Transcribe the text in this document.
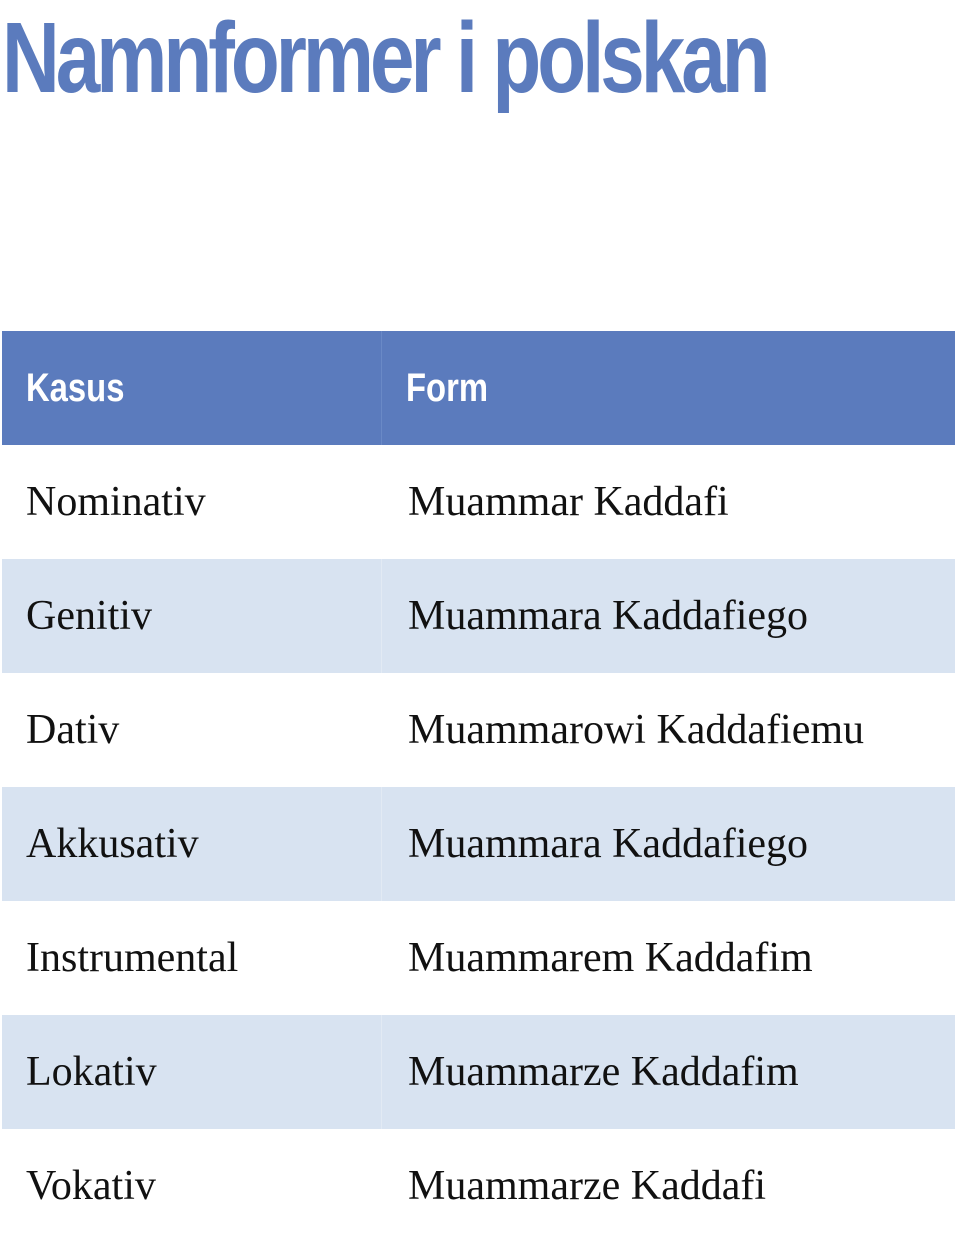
Namnformer i polskan
Kasus	Form
Nominativ	Muammar Kaddafi
Genitiv	Muammara Kaddafiego
Dativ	Muammarowi Kaddafiemu
Akkusativ	Muammara Kaddafiego
Instrumental	Muammarem Kaddafim
Lokativ	Muammarze Kaddafim
Vokativ	Muammarze Kaddafi
